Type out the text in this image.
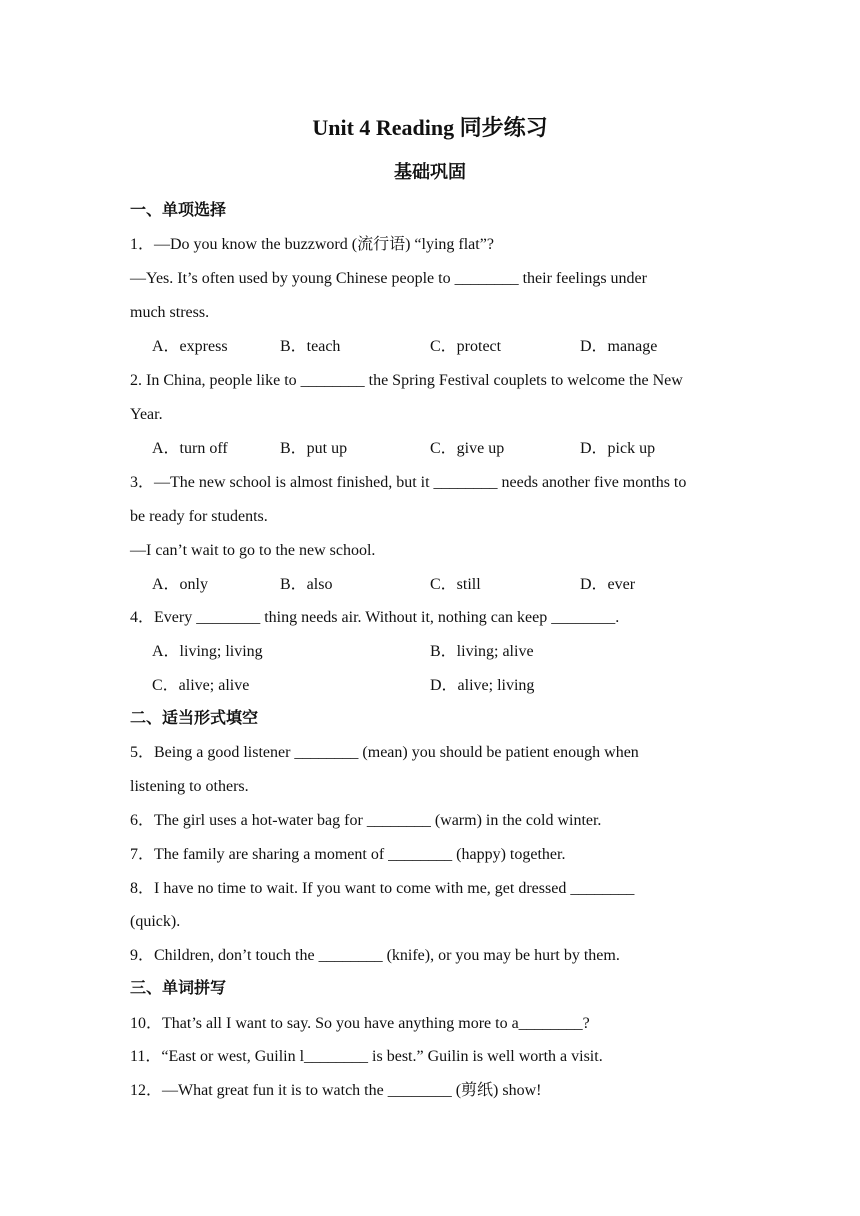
Unit 4 Reading 同步练习
基础巩固
一、单项选择
1．—Do you know the buzzword (流行语) “lying flat”?
—Yes. It’s often used by young Chinese people to ________ their feelings under
much stress.
A．express	B．teach	C．protect	D．manage
2. In China, people like to ________ the Spring Festival couplets to welcome the New
Year.
A．turn off	B．put up	C．give up	D．pick up
3．—The new school is almost finished, but it ________ needs another five months to
be ready for students.
—I can’t wait to go to the new school.
A．only	B．also	C．still	D．ever
4．Every ________ thing needs air. Without it, nothing can keep ________.
A．living; living	B．living; alive
C．alive; alive	D．alive; living
二、适当形式填空
5．Being a good listener ________ (mean) you should be patient enough when
listening to others.
6．The girl uses a hot-water bag for ________ (warm) in the cold winter.
7．The family are sharing a moment of ________ (happy) together.
8．I have no time to wait. If you want to come with me, get dressed ________
(quick).
9．Children, don’t touch the ________ (knife), or you may be hurt by them.
三、单词拼写
10．That’s all I want to say. So you have anything more to a________?
11．“East or west, Guilin l________ is best.” Guilin is well worth a visit.
12．—What great fun it is to watch the ________ (剪纸) show!
